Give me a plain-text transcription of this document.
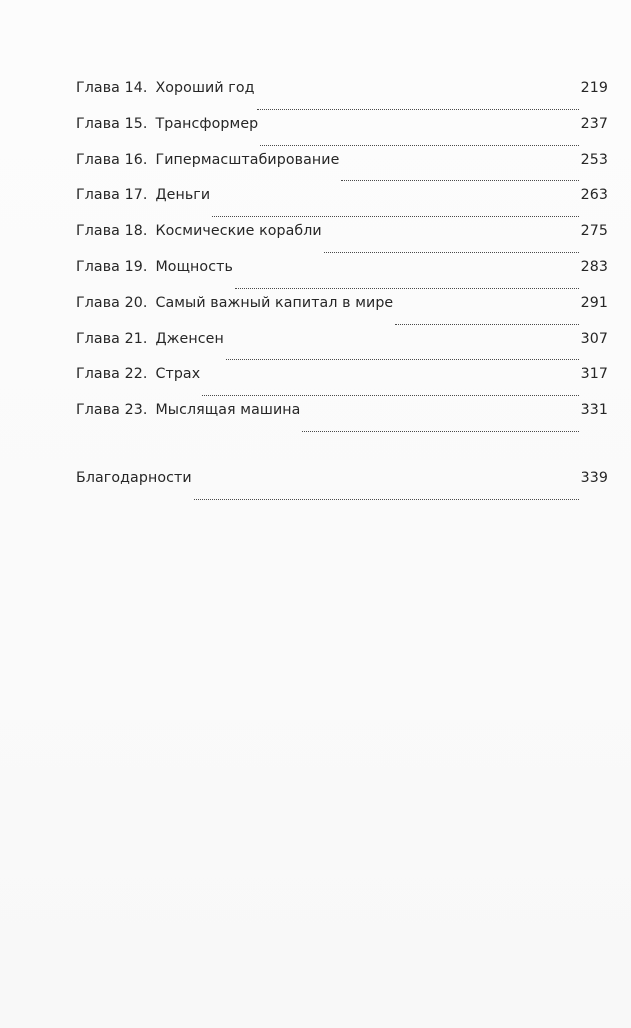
Глава 14. Хороший год	219
Глава 15. Трансформер	237
Глава 16. Гипермасштабирование	253
Глава 17. Деньги	263
Глава 18. Космические корабли	275
Глава 19. Мощность	283
Глава 20. Самый важный капитал в мире	291
Глава 21. Дженсен	307
Глава 22. Страх	317
Глава 23. Мыслящая машина	331
Благодарности	339
